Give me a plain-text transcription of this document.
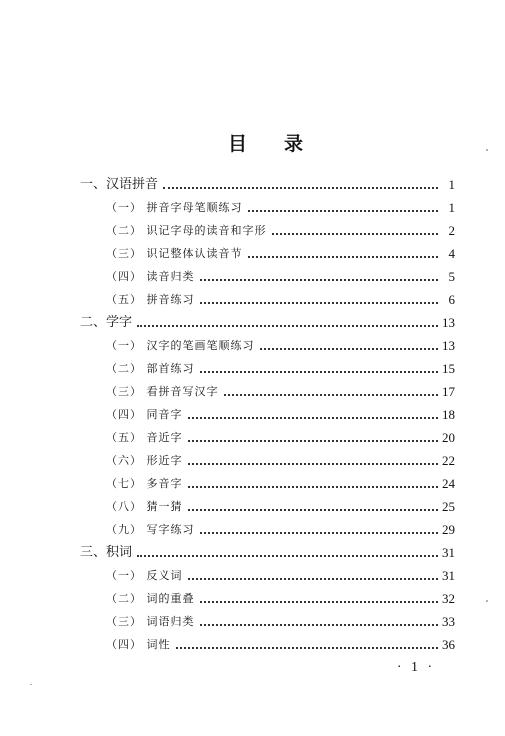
目 录
一、汉语拼音	1
（一） 拼音字母笔顺练习	1
（二） 识记字母的读音和字形	2
（三） 识记整体认读音节	4
（四） 读音归类	5
（五） 拼音练习	6
二、学字	13
（一） 汉字的笔画笔顺练习	13
（二） 部首练习	15
（三） 看拼音写汉字	17
（四） 同音字	18
（五） 音近字	20
（六） 形近字	22
（七） 多音字	24
（八） 猜一猜	25
（九） 写字练习	29
三、积词	31
（一） 反义词	31
（二） 词的重叠	32
（三） 词语归类	33
（四） 词性	36
· 1 ·
